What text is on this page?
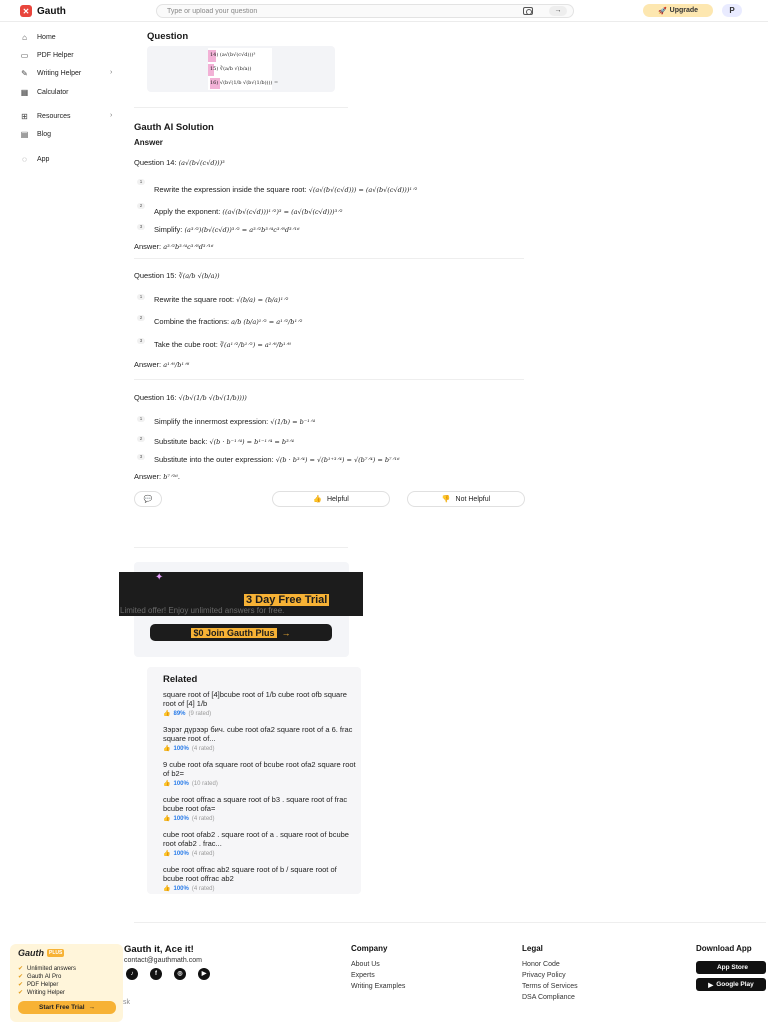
✕ Gauth
Type or upload your question	→	🚀 Upgrade	P
⌂ Home
▭ PDF Helper
✎ Writing Helper	›
▦ Calculator
⊞ Resources	›
▤ Blog
◌	App
Question
14) (a√(b√(c√d)))³
15) ∛(a/b √(b/a))
16) √(b√(1/b √(b√(1/b)))) =
Gauth AI Solution
Answer
Question 14: (a√(b√(c√d)))³
1
Rewrite the expression inside the square root: √(a√(b√(c√d))) = (a√(b√(c√d)))¹ᐟ²
2
Apply the exponent: ((a√(b√(c√d)))¹ᐟ²)³ = (a√(b√(c√d)))³ᐟ²
3	Simplify: (a³ᐟ²)(b√(c√d))³ᐟ² = a³ᐟ²b³ᐟ⁴c³ᐟ⁸d³ᐟ¹⁶
Answer: a³ᐟ²b³ᐟ⁴c³ᐟ⁸d³ᐟ¹⁶
Question 15: ∛(a/b √(b/a))
1	Rewrite the square root: √(b/a) = (b/a)¹ᐟ²
2	Combine the fractions: a/b (b/a)¹ᐟ² = a¹ᐟ²/b¹ᐟ²
3	Take the cube root: ∛(a¹ᐟ²/b¹ᐟ²) = a¹ᐟ⁶/b¹ᐟ⁶
Answer: a¹ᐟ⁶/b¹ᐟ⁶
Question 16: √(b√(1/b √(b√(1/b))))
1	Simplify the innermost expression: √(1/b) = b⁻¹ᐟ⁴
2	Substitute back: √(b · b⁻¹ᐟ⁴) = b¹⁻¹ᐟ⁴ = b³ᐟ⁴
3	Substitute into the outer expression: √(b · b³ᐟ⁴) = √(b¹⁺³ᐟ⁴) = √(b⁷ᐟ⁴) = b⁷ᐟ¹⁶
Answer: b⁷ᐟ¹⁶.
💬	👍 Helpful	👎 Not Helpful
✦
3 Day Free Trial
Limited offer! Enjoy unlimited answers for free.
$0 Join Gauth Plus →
Related
square root of [4]bcube root of 1/b cube root ofb square root of [4] 1/b
👍 89% (9 rated)
Зэрэг дүрээр бич. cube root ofa2 square root of a 6. frac square root of...
👍 100% (4 rated)
9 cube root ofa square root of bcube root ofa2 square root of b2=
👍 100% (10 rated)
cube root offrac a square root of b3 . square root of frac bcube root ofa=
👍 100% (4 rated)
cube root ofab2 . square root of a . square root of bcube root ofab2 . frac...
👍 100% (4 rated)
cube root offrac ab2 square root of b / square root of bcube root offrac ab2
👍 100% (4 rated)
Gauth	PLUS
✔ Unlimited answers
✔ Gauth AI Pro
✔ PDF Helper
✔ Writing Helper
Start Free Trial →
sk
Gauth it, Ace it!
contact@gauthmath.com
♪	f	◎	▶
Company
About Us
Experts
Writing Examples
Legal
Honor Code
Privacy Policy
Terms of Services
DSA Compliance
Download App
App Store
▶ Google Play
